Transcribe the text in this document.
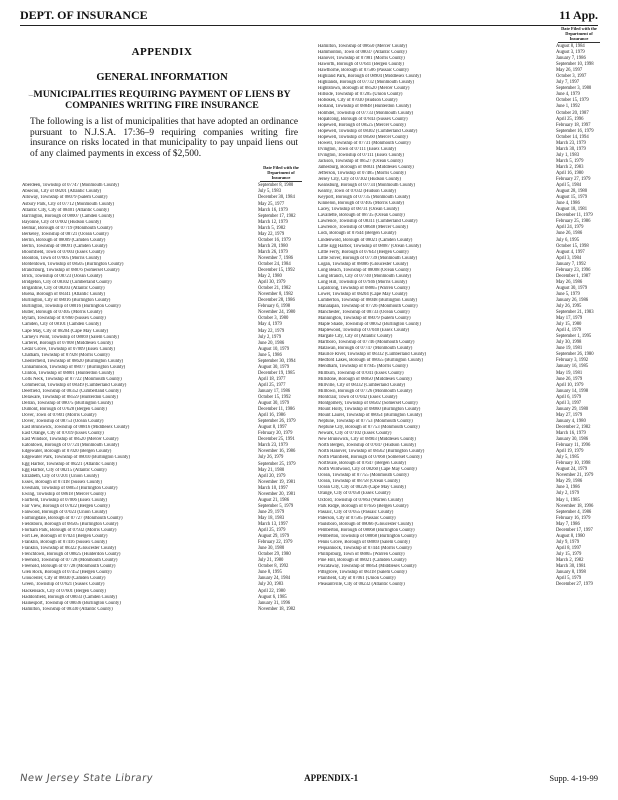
DEPT. OF INSURANCE	11 App.
⌣
APPENDIX
GENERAL INFORMATION
MUNICIPALITIES REQUIRING PAYMENT OF LIENS BY COMPANIES WRITING FIRE INSURANCE
The following is a list of municipalities that have adopted an ordinance pursuant to N.J.S.A. 17:36–9 requiring companies writing fire insurance on risks located in that municipality to pay unpaid liens out of any claimed payments in excess of $2,500.
Date Filed with the Department of Insurance
Aberdeen, Township of 07747 (Monmouth County)	September 8, 1980
Absecon, City of 08201 (Atlantic County)	July 5, 1983
Alloway, Township of 08079 (Salem County)	December 30, 1984
Asbury Park, City of 07712 (Monmouth County)	May 25, 1977
Atlantic City, City of 08401 (Atlantic County)	March 16, 1979
Barrington, Borough of 08007 (Camden County)	September 17, 1982
Bayonne, City of 07002 (Hudson County)	March 12, 1979
Belmar, Borough of 07719 (Monmouth County)	March 5, 1982
Berkeley, Township of 08721 (Ocean County)	May 22, 1979
Berlin, Borough of 08009 (Camden County)	October 16, 1979
Berlin, Township of 08091 (Camden County)	March 20, 1980
Bloomfield, Town of 07003 (Essex County)	March 26, 1979
Boonton, Town of 07005 (Morris County)	November 7, 1986
Bordentown, Township of 08505 (Burlington County)	October 24, 1984
Branchburg, Township of 08876 (Somerset County)	December 15, 1992
Brick, Township of 08723 (Ocean County)	May 2, 1980
Bridgeton, City of 08302 (Cumberland County)	April 30, 1979
Brigantine, City of 08203 (Atlantic County)	October 21, 1982
Buena, Borough of 08341 (Atlantic County)	November 8, 1982
Burlington, City of 08016 (Burlington County)	December 28, 1986
Burlington, Township of 08016 (Burlington County)	February 6, 1998
Butler, Borough of 07405 (Morris County)	November 24, 1980
Byram, Township of 07860 (Sussex County)	October 3, 1980
Camden, City of 08101 (Camden County)	May 4, 1979
Cape May, City of 08204 (Cape May County)	May 22, 1979
Carney's Point, Township of 08069 (Salem County)	July 2, 1979
Carteret, Borough of 07008 (Middlesex County)	June 20, 1986
Cedar Grove, Township of 07009 (Essex County)	August 10, 1979
Chatham, Township of 07928 (Morris County)	June 5, 1986
Chesterfield, Township of 08620 (Burlington County)	September 30, 1994
Cinnaminson, Township of 08077 (Burlington County)	August 30, 1979
Clinton, Township of 08801 (Hunterdon County)	December 19, 1985
Colts Neck, Township of 07722 (Monmouth County)	April 18, 1977
Commercial, Township of 08349 (Cumberland County)	April 25, 1977
Deerfield, Township of 08352 (Cumberland County)	January 17, 1986
Delaware, Township of 08559 (Hunterdon County)	October 15, 1992
Delran, Township of 08075 (Burlington County)	August 30, 1979
Dumont, Borough of 07628 (Bergen County)	December 11, 1986
Dover, Town of 07801 (Morris County)	April 16, 1986
Dover, Township of 08753 (Ocean County)	September 26, 1979
East Brunswick, Township of 08816 (Middlesex County)	August 8, 1997
East Orange, City of 07019 (Essex County)	February 20, 1979
East Windsor, Township of 08520 (Mercer County)	December 25, 1991
Eatontown, Borough of 07724 (Monmouth County)	March 23, 1979
Edgewater, Borough of 07020 (Bergen County)	November 16, 1986
Edgewater Park, Township of 08010 (Burlington County)	July 26, 1979
Egg Harbor, Township of 08221 (Atlantic County)	September 25, 1979
Egg Harbor, City of 08215 (Atlantic County)	May 21, 1980
Elizabeth, City of 07201 (Union County)	April 20, 1979
Essex, Borough of 07418 (Sussex County)	November 19, 1981
Evesham, Township of 08053 (Burlington County)	March 10, 1997
Ewing, Township of 08618 (Mercer County)	November 20, 1981
Fairfield, Township of 07006 (Essex County)	August 21, 1986
Fair View, Borough of 07022 (Bergen County)	September 5, 1979
Fanwood, Borough of 07023 (Union County)	June 29, 1979
Farmingdale, Borough of 07727 (Monmouth County)	May 18, 1983
Fieldsboro, Borough of 08505 (Burlington County)	March 13, 1997
Florham Park, Borough of 07932 (Morris County)	April 25, 1979
Fort Lee, Borough of 07024 (Bergen County)	August 29, 1979
Franklin, Borough of 07416 (Sussex County)	February 22, 1979
Franklin, Township of 08322 (Gloucester County)	June 30, 1980
Frenchtown, Borough of 08825 (Hunterdon County)	October 29, 1980
Freehold, Township of 07728 (Monmouth County)	July 21, 1980
Freehold, Borough of 07728 (Monmouth County)	October 8, 1992
Glen Rock, Borough of 07452 (Bergen County)	June 8, 1995
Gloucester, City of 08030 (Camden County)	January 24, 1984
Green, Township of 07821 (Sussex County)	July 20, 1983
Hackensack, City of 07601 (Bergen County)	April 22, 1980
Haddonfield, Borough of 08033 (Camden County)	August 6, 1985
Hainesport, Township of 08036 (Burlington County)	January 31, 1996
Hamilton, Township of 08330 (Atlantic County)	November 18, 1982
Date Filed with the Department of Insurance
Hamilton, Township of 08650 (Mercer County)	August 8, 1984
Hammonton, Town of 08037 (Atlantic County)	August 3, 1979
Hanover, Township of 07981 (Morris County)	January 7, 1986
Haworth, Borough of 07641 (Bergen County)	September 10, 1998
Hawthorne, Borough of 07506 (Passaic County)	May 26, 1997
Highland Park, Borough of 08904 (Middlesex County)	October 3, 1997
Highlands, Borough of 07732 (Monmouth County)	July 7, 1997
Hightstown, Borough of 08520 (Mercer County)	September 3, 1980
Hillside, Township of 07205 (Union County)	June 4, 1979
Hoboken, City of 07030 (Hudson County)	October 15, 1979
Holland, Township of 08848 (Hunterdon County)	June 1, 1992
Holmdel, Township of 07733 (Monmouth County)	October 20, 1987
Hopatcong, Borough of 07843 (Sussex County)	April 25, 1996
Hopewell, Borough of 08525 (Mercer County)	February 18, 1997
Hopewell, Township of 08302 (Cumberland County)	September 16, 1979
Hopewell, Township of 08560 (Mercer County)	October 14, 1994
Howell, Township of 07731 (Monmouth County)	March 23, 1979
Irvington, Town of 07111 (Essex County)	March 30, 1979
Irvington, Township of 07111 (Essex County)	July 1, 1983
Jackson, Township of 08527 (Ocean County)	March 5, 1979
Jamesburg, Borough of 08831 (Middlesex County)	March 2, 1983
Jefferson, Township of 07485 (Morris County)	April 16, 1980
Jersey City, City of 07302 (Hudson County)	February 27, 1979
Keansburg, Borough of 07734 (Monmouth County)	April 5, 1984
Kearny, Town of 07032 (Hudson County)	August 28, 1980
Keyport, Borough of 07735 (Monmouth County)	August 15, 1979
Kinnelon, Borough of 07405 (Morris County)	June 4, 1986
Lacey, Township of 08731 (Ocean County)	August 18, 1981
Lavallette, Borough of 08735 (Ocean County)	December 11, 1979
Lawrence, Township of 08311 (Cumberland County)	February 25, 1986
Lawrence, Township of 08648 (Mercer County)	April 24, 1979
Lodi, Borough of 07644 (Bergen County)	June 26, 1986
Lindenwold, Borough of 08021 (Camden County)	July 6, 1995
Little Egg Harbor, Township of 08087 (Ocean County)	October 15, 1998
Little Ferry, Borough of 07643 (Bergen County)	August 4, 1997
Little Silver, Borough of 07739 (Monmouth County)	April 3, 1984
Logan, Township of 08086 (Gloucester County)	January 7, 1992
Long Beach, Township of 08008 (Ocean County)	February 23, 1996
Long Branch, City of 07740 (Monmouth County)	December 1, 1987
Long Hill, Township of 07946 (Morris County)	May 26, 1986
Lopatcong, Township of 08865 (Warren County)	August 30, 1979
Lower, Township of 08204 (Cape May County)	June 5, 1979
Lumberton, Township of 08048 (Burlington County)	January 26, 1986
Manalapan, Township of 07726 (Monmouth County)	July 26, 1995
Manchester, Township of 08733 (Ocean County)	September 21, 1983
Mannington, Township of 08079 (Salem County)	May 17, 1979
Maple Shade, Township of 08052 (Burlington County)	July 15, 1980
Maplewood, Township of 07040 (Essex County)	April 4, 1979
Margate City, City of (Atlantic County)	September 1, 1995
Marlboro, Township of 07746 (Monmouth County)	July 30, 1998
Matawan, Borough of 07747 (Monmouth County)	June 19, 1981
Maurice River, Township of 08332 (Cumberland County)	September 26, 1980
Medford Lakes, Borough of 08055 (Burlington County)	February 3, 1992
Mendham, Township of 07945 (Morris County)	January 16, 1985
Millburn, Township of 07041 (Essex County)	May 19, 1981
Millstone, Borough of 08850 (Middlesex County)	June 26, 1979
Millville, City of 08332 (Cumberland County)	April 10, 1979
Milltown, Borough of 07726 (Monmouth County)	January 14, 1998
Montclair, Town of 07042 (Essex County)	April 6, 1979
Montgomery, Township of 08502 (Somerset County)	April 3, 1997
Mount Holly, Township of 08060 (Burlington County)	January 29, 1980
Mount Laurel, Township of 08054 (Burlington County)	May 27, 1979
Neptune, Township of 07753 (Monmouth County)	January 4, 1980
Neptune City, Borough of 07753 (Monmouth County)	December 2, 1982
Newark, City of 07102 (Essex County)	March 16, 1979
New Brunswick, City of 08903 (Middlesex County)	January 30, 1986
North Bergen, Township of 07047 (Hudson County)	February 11, 1996
North Hanover, Township of 08562 (Burlington County)	April 19, 1979
North Plainfield, Borough of 07060 (Somerset County)	July 5, 1985
Northvale, Borough of 07647 (Bergen County)	February 10, 1998
North Wildwood, City of 08260 (Cape May County)	August 24, 1979
Ocean, Township of 07755 (Monmouth County)	November 21, 1979
Ocean, Township of 08758 (Ocean County)	May 29, 1986
Ocean City, City of 08226 (Cape May County)	June 3, 1986
Orange, City of 07050 (Essex County)	July 2, 1979
Oxford, Township of 07863 (Warren County)	May 1, 1985
Park Ridge, Borough of 07656 (Bergen County)	November 18, 1996
Passaic, City of 07055 (Passaic County)	September 4, 1986
Paterson, City of 07505 (Passaic County)	February 16, 1979
Paulsboro, Borough of 08066 (Gloucester County)	May 7, 1986
Pemberton, Borough of 08068 (Burlington County)	December 17, 1997
Pemberton, Township of 08068 (Burlington County)	August 8, 1980
Penns Grove, Borough of 08069 (Salem County)	July 9, 1979
Pequannock, Township of 07444 (Morris County)	April 8, 1997
Phillipsburg, Town of 08865 (Warren County)	July 15, 1979
Pine Hill, Borough of 08021 (Camden County)	March 2, 1982
Piscataway, Township of 08854 (Middlesex County)	March 30, 1981
Pittsgrove, Township of 08318 (Salem County)	January 8, 1998
Plainfield, City of 07061 (Union County)	April 5, 1979
Pleasantville, City of 08232 (Atlantic County)	December 27, 1979
New Jersey State Library	APPENDIX-1	Supp. 4-19-99
